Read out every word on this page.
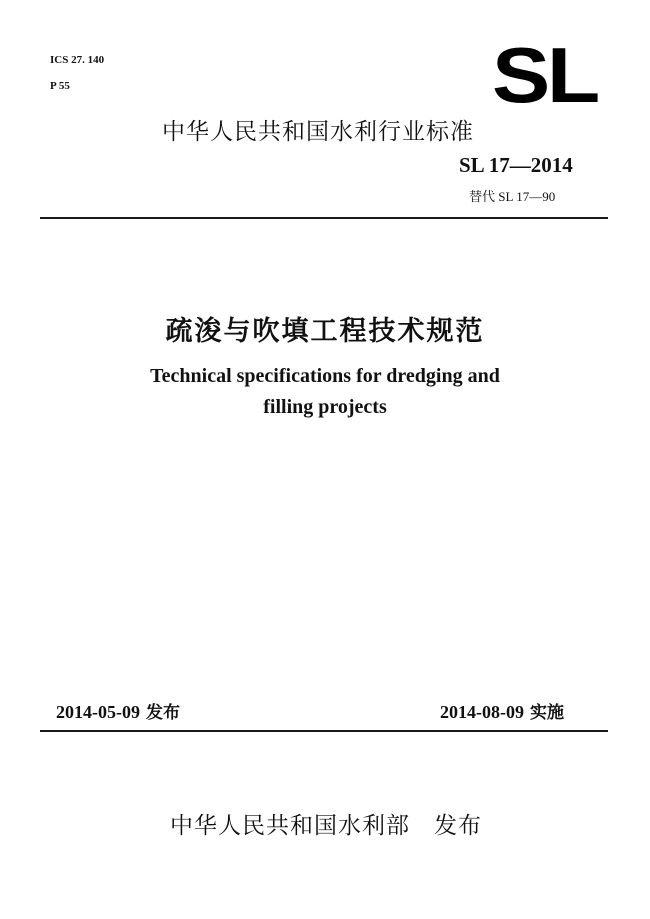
ICS 27. 140
P 55	SL
中华人民共和国水利行业标准
SL 17—2014
替代 SL 17—90
疏浚与吹填工程技术规范
Technical specifications for dredging and
filling projects
2014-05-09 发布	2014-08-09 实施
中华人民共和国水利部 发布
